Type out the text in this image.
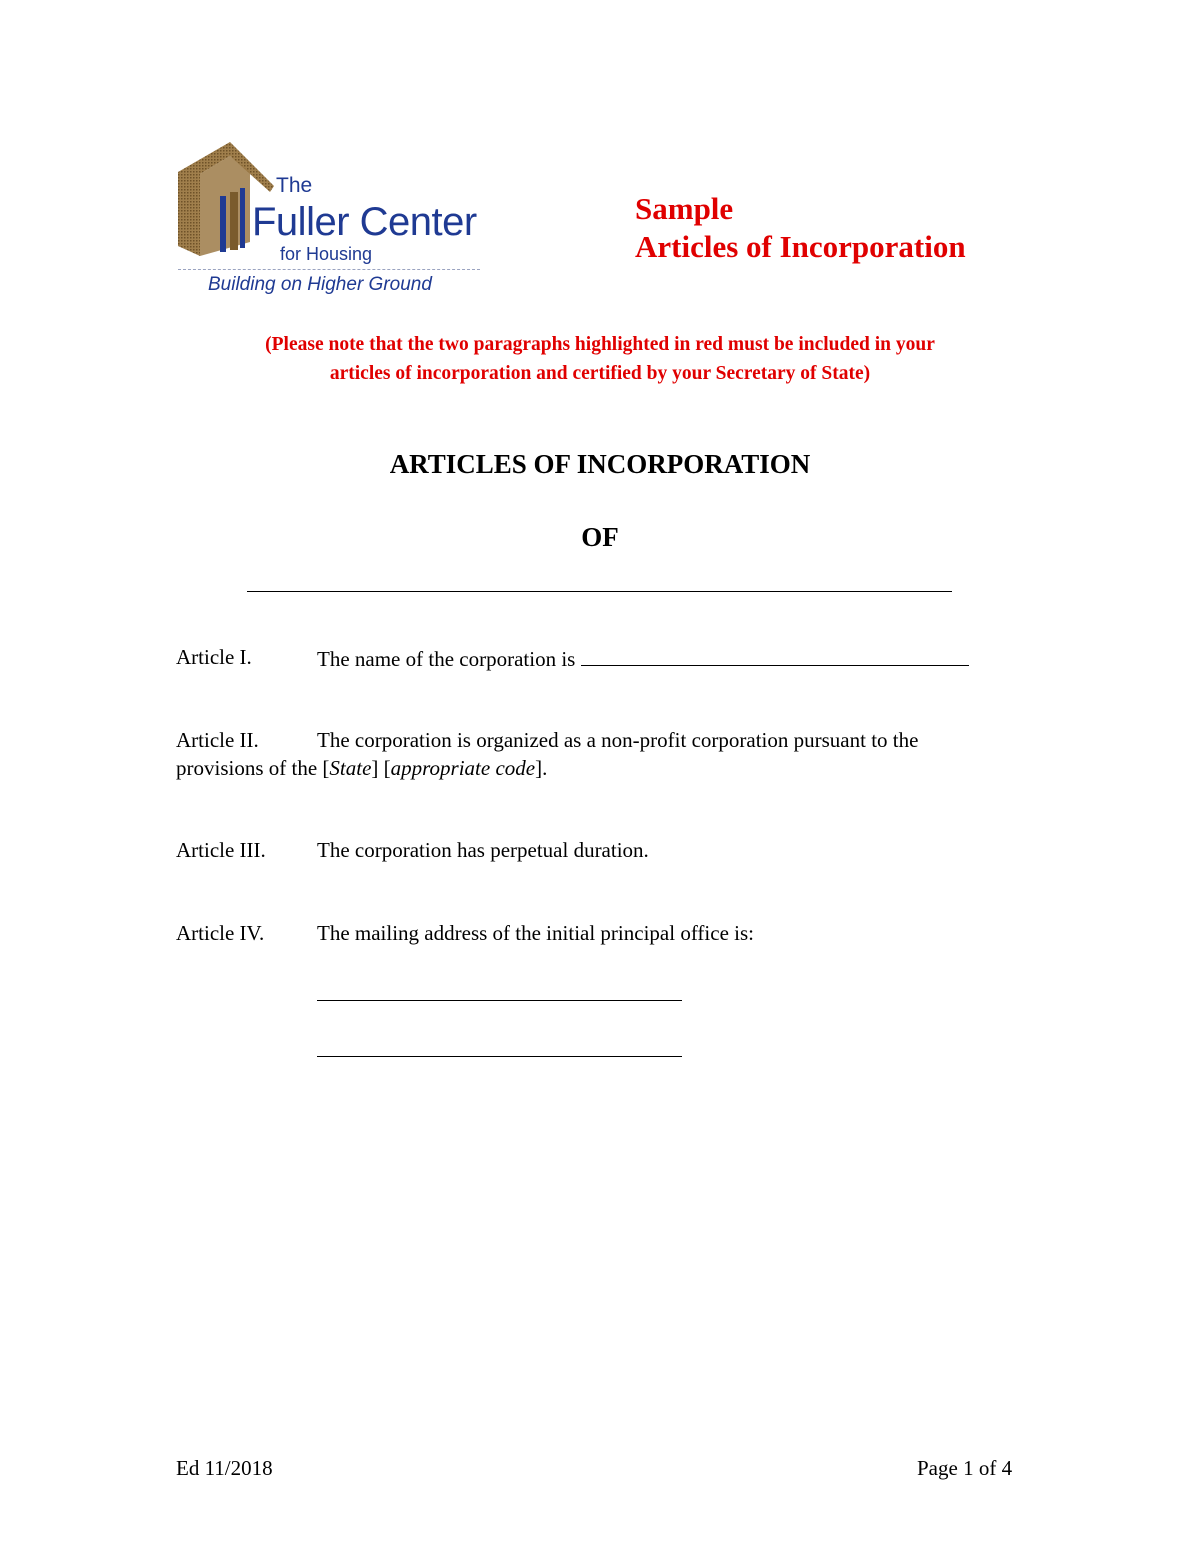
The
Fuller Center
for Housing
Building on Higher Ground
Sample
Articles of Incorporation
(Please note that the two paragraphs highlighted in red must be included in your
articles of incorporation and certified by your Secretary of State)
ARTICLES OF INCORPORATION
OF
Article I.	The name of the corporation is
Article II.	The corporation is organized as a non-profit corporation pursuant to the provisions of the [State] [appropriate code].
Article III.	The corporation has perpetual duration.
Article IV.	The mailing address of the initial principal office is:
Ed 11/2018	Page 1 of 4
